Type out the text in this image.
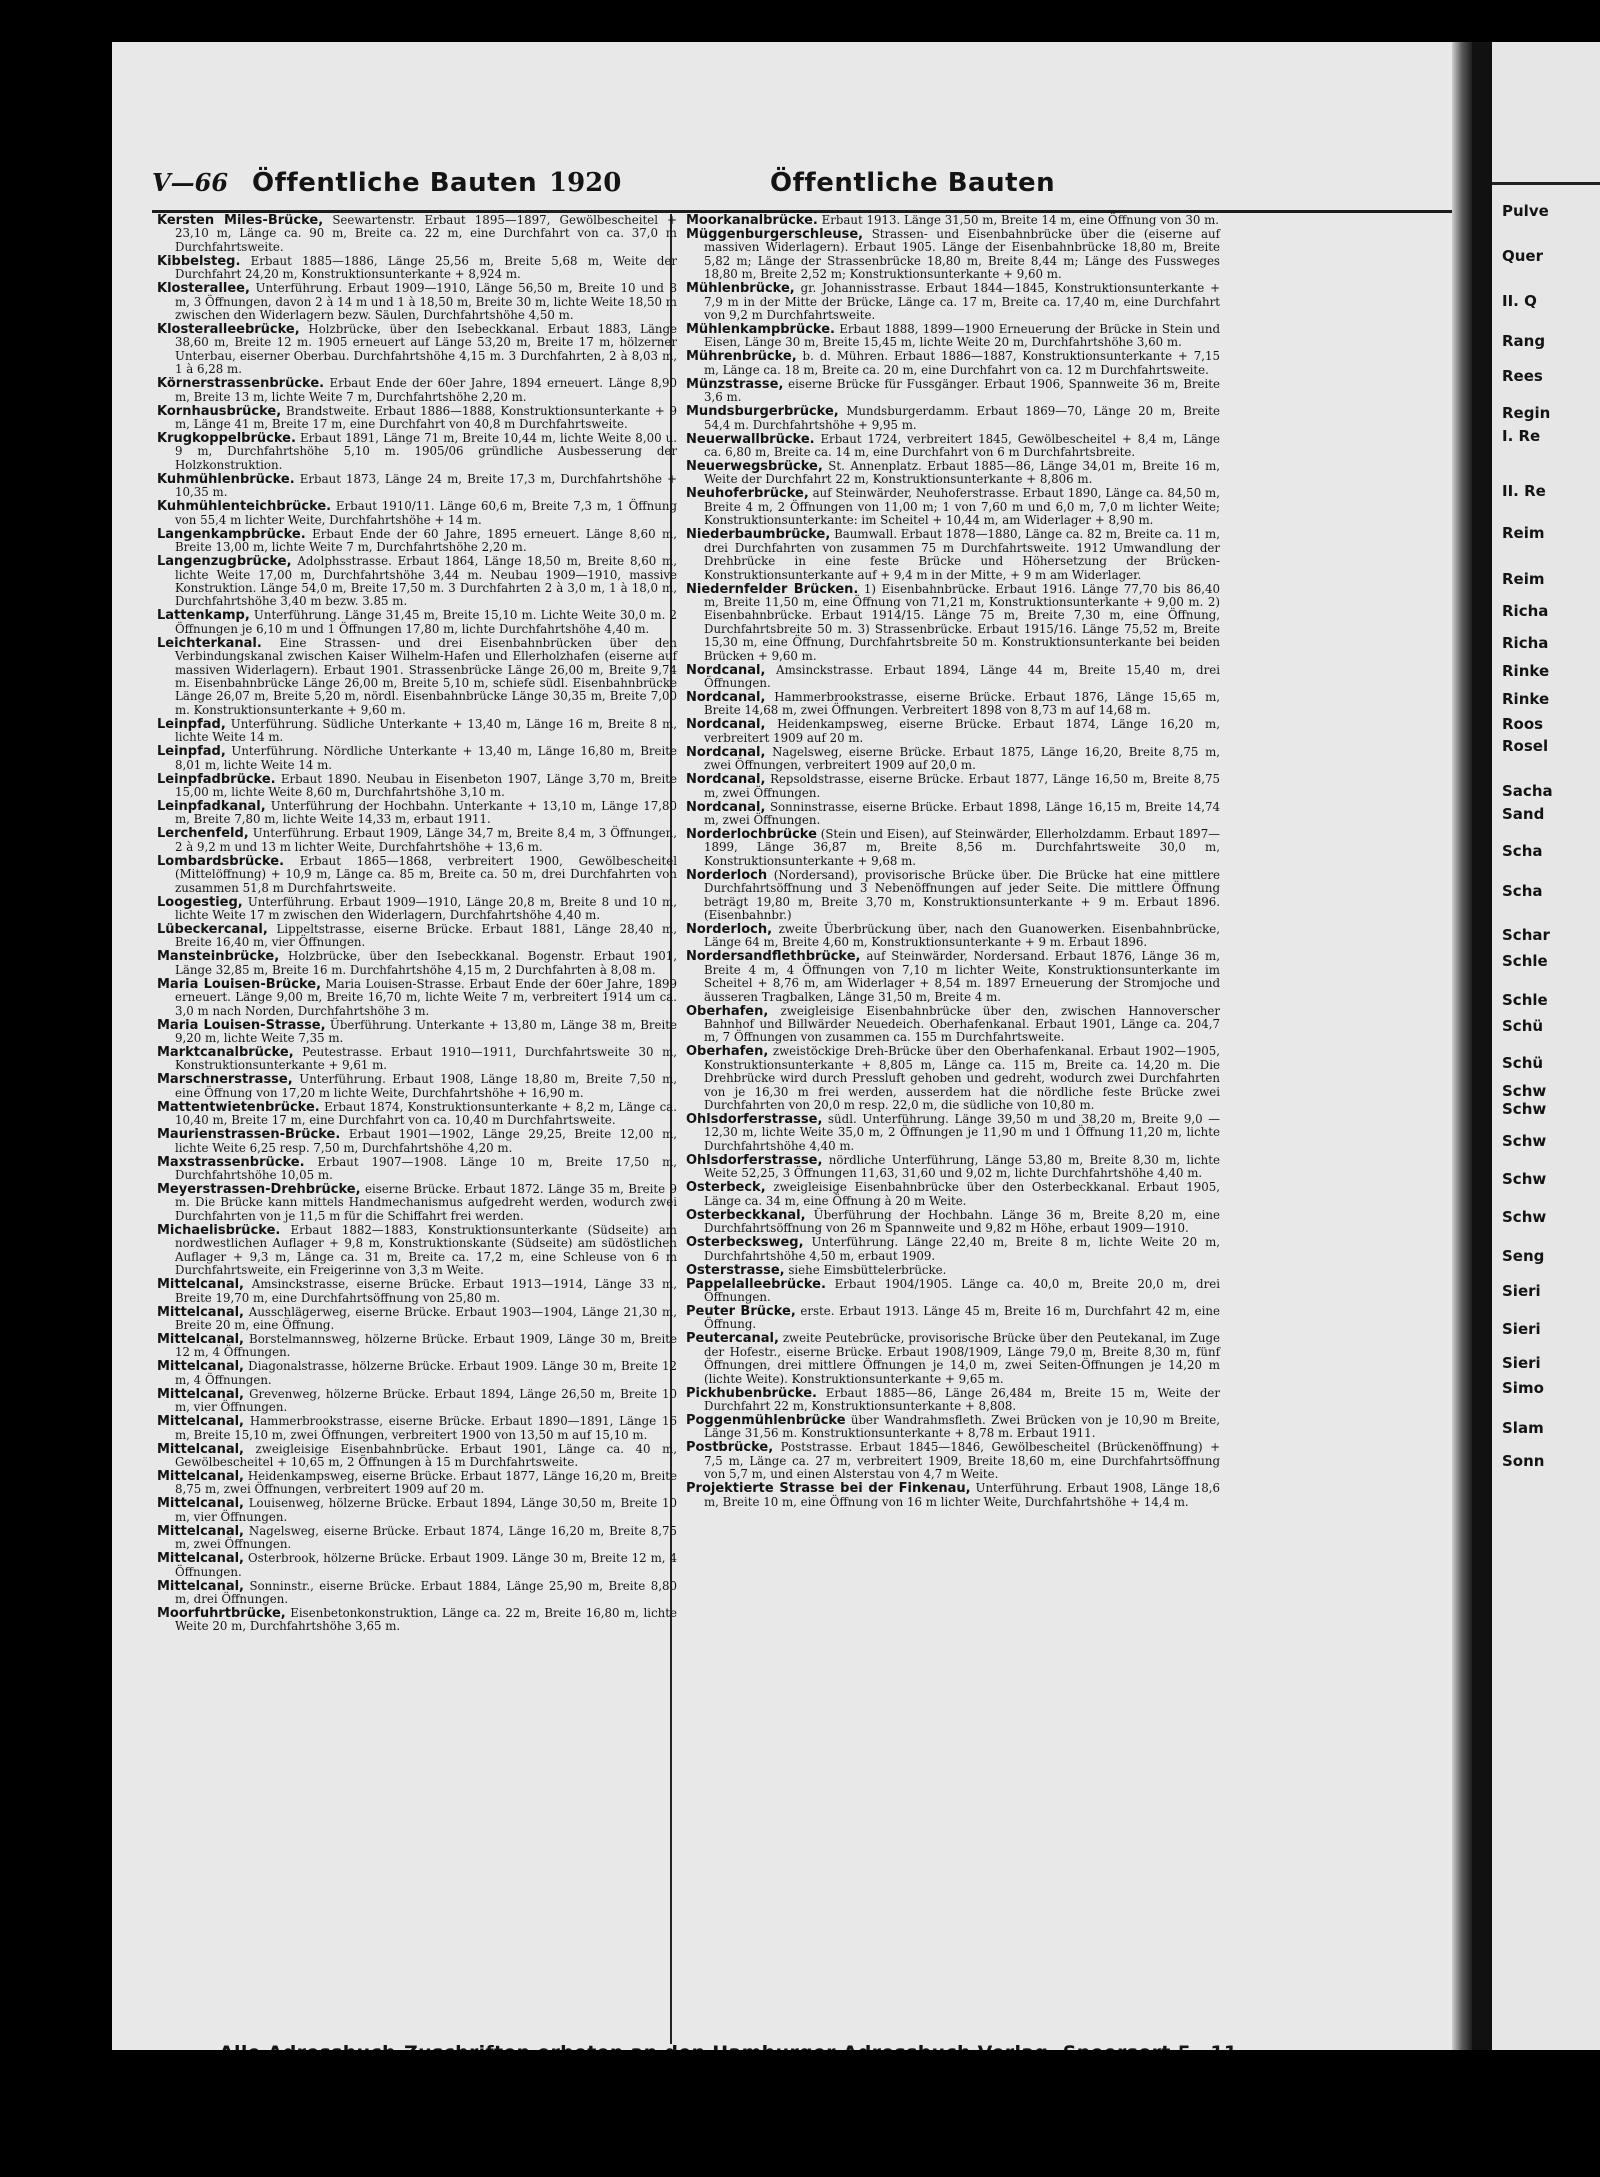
V—66 Öffentliche Bauten 1920	Öffentliche Bauten
Kersten Miles-Brücke, Seewartenstr. Erbaut 1895—1897, Gewölbescheitel + 23,10 m, Länge ca. 90 m, Breite ca. 22 m, eine Durchfahrt von ca. 37,0 m Durchfahrtsweite.
Kibbelsteg. Erbaut 1885—1886, Länge 25,56 m, Breite 5,68 m, Weite der Durchfahrt 24,20 m, Konstruktionsunterkante + 8,924 m.
Klosterallee, Unterführung. Erbaut 1909—1910, Länge 56,50 m, Breite 10 und 8 m, 3 Öffnungen, davon 2 à 14 m und 1 à 18,50 m, Breite 30 m, lichte Weite 18,50 m zwischen den Widerlagern bezw. Säulen, Durchfahrtshöhe 4,50 m.
Klosteralleebrücke, Holzbrücke, über den Isebeckkanal. Erbaut 1883, Länge 38,60 m, Breite 12 m. 1905 erneuert auf Länge 53,20 m, Breite 17 m, hölzerner Unterbau, eiserner Oberbau. Durchfahrtshöhe 4,15 m. 3 Durchfahrten, 2 à 8,03 m, 1 à 6,28 m.
Körnerstrassenbrücke. Erbaut Ende der 60er Jahre, 1894 erneuert. Länge 8,90 m, Breite 13 m, lichte Weite 7 m, Durchfahrtshöhe 2,20 m.
Kornhausbrücke, Brandstweite. Erbaut 1886—1888, Konstruktionsunterkante + 9 m, Länge 41 m, Breite 17 m, eine Durchfahrt von 40,8 m Durchfahrtsweite.
Krugkoppelbrücke. Erbaut 1891, Länge 71 m, Breite 10,44 m, lichte Weite 8,00 u. 9 m, Durchfahrtshöhe 5,10 m. 1905/06 gründliche Ausbesserung der Holzkonstruktion.
Kuhmühlenbrücke. Erbaut 1873, Länge 24 m, Breite 17,3 m, Durchfahrtshöhe + 10,35 m.
Kuhmühlenteichbrücke. Erbaut 1910/11. Länge 60,6 m, Breite 7,3 m, 1 Öffnung von 55,4 m lichter Weite, Durchfahrtshöhe + 14 m.
Langenkampbrücke. Erbaut Ende der 60 Jahre, 1895 erneuert. Länge 8,60 m, Breite 13,00 m, lichte Weite 7 m, Durchfahrtshöhe 2,20 m.
Langenzugbrücke, Adolphsstrasse. Erbaut 1864, Länge 18,50 m, Breite 8,60 m, lichte Weite 17,00 m, Durchfahrtshöhe 3,44 m. Neubau 1909—1910, massive Konstruktion. Länge 54,0 m, Breite 17,50 m. 3 Durchfahrten 2 à 3,0 m, 1 à 18,0 m, Durchfahrtshöhe 3,40 m bezw. 3.85 m.
Lattenkamp, Unterführung. Länge 31,45 m, Breite 15,10 m. Lichte Weite 30,0 m. 2 Öffnungen je 6,10 m und 1 Öffnungen 17,80 m, lichte Durchfahrtshöhe 4,40 m.
Leichterkanal. Eine Strassen- und drei Eisenbahnbrücken über den Verbindungskanal zwischen Kaiser Wilhelm-Hafen und Ellerholzhafen (eiserne auf massiven Widerlagern). Erbaut 1901. Strassenbrücke Länge 26,00 m, Breite 9,74 m. Eisenbahnbrücke Länge 26,00 m, Breite 5,10 m, schiefe südl. Eisenbahnbrücke Länge 26,07 m, Breite 5,20 m, nördl. Eisenbahnbrücke Länge 30,35 m, Breite 7,00 m. Konstruktionsunterkante + 9,60 m.
Leinpfad, Unterführung. Südliche Unterkante + 13,40 m, Länge 16 m, Breite 8 m, lichte Weite 14 m.
Leinpfad, Unterführung. Nördliche Unterkante + 13,40 m, Länge 16,80 m, Breite 8,01 m, lichte Weite 14 m.
Leinpfadbrücke. Erbaut 1890. Neubau in Eisenbeton 1907, Länge 3,70 m, Breite 15,00 m, lichte Weite 8,60 m, Durchfahrtshöhe 3,10 m.
Leinpfadkanal, Unterführung der Hochbahn. Unterkante + 13,10 m, Länge 17,80 m, Breite 7,80 m, lichte Weite 14,33 m, erbaut 1911.
Lerchenfeld, Unterführung. Erbaut 1909, Länge 34,7 m, Breite 8,4 m, 3 Öffnungen, 2 à 9,2 m und 13 m lichter Weite, Durchfahrtshöhe + 13,6 m.
Lombardsbrücke. Erbaut 1865—1868, verbreitert 1900, Gewölbescheitel (Mittelöffnung) + 10,9 m, Länge ca. 85 m, Breite ca. 50 m, drei Durchfahrten von zusammen 51,8 m Durchfahrtsweite.
Loogestieg, Unterführung. Erbaut 1909—1910, Länge 20,8 m, Breite 8 und 10 m, lichte Weite 17 m zwischen den Widerlagern, Durchfahrtshöhe 4,40 m.
Lübeckercanal, Lippeltstrasse, eiserne Brücke. Erbaut 1881, Länge 28,40 m, Breite 16,40 m, vier Öffnungen.
Mansteinbrücke, Holzbrücke, über den Isebeckkanal. Bogenstr. Erbaut 1901, Länge 32,85 m, Breite 16 m. Durchfahrtshöhe 4,15 m, 2 Durchfahrten à 8,08 m.
Maria Louisen-Brücke, Maria Louisen-Strasse. Erbaut Ende der 60er Jahre, 1899 erneuert. Länge 9,00 m, Breite 16,70 m, lichte Weite 7 m, verbreitert 1914 um ca. 3,0 m nach Norden, Durchfahrtshöhe 3 m.
Maria Louisen-Strasse, Überführung. Unterkante + 13,80 m, Länge 38 m, Breite 9,20 m, lichte Weite 7,35 m.
Marktcanalbrücke, Peutestrasse. Erbaut 1910—1911, Durchfahrtsweite 30 m, Konstruktionsunterkante + 9,61 m.
Marschnerstrasse, Unterführung. Erbaut 1908, Länge 18,80 m, Breite 7,50 m, eine Öffnung von 17,20 m lichte Weite, Durchfahrtshöhe + 16,90 m.
Mattentwietenbrücke. Erbaut 1874, Konstruktionsunterkante + 8,2 m, Länge ca. 10,40 m, Breite 17 m, eine Durchfahrt von ca. 10,40 m Durchfahrtsweite.
Maurienstrassen-Brücke. Erbaut 1901—1902, Länge 29,25, Breite 12,00 m, lichte Weite 6,25 resp. 7,50 m, Durchfahrtshöhe 4,20 m.
Maxstrassenbrücke. Erbaut 1907—1908. Länge 10 m, Breite 17,50 m, Durchfahrtshöhe 10,05 m.
Meyerstrassen-Drehbrücke, eiserne Brücke. Erbaut 1872. Länge 35 m, Breite 9 m. Die Brücke kann mittels Handmechanismus aufgedreht werden, wodurch zwei Durchfahrten von je 11,5 m für die Schiffahrt frei werden.
Michaelisbrücke. Erbaut 1882—1883, Konstruktionsunterkante (Südseite) am nordwestlichen Auflager + 9,8 m, Konstruktionskante (Südseite) am südöstlichen Auflager + 9,3 m, Länge ca. 31 m, Breite ca. 17,2 m, eine Schleuse von 6 m Durchfahrtsweite, ein Freigerinne von 3,3 m Weite.
Mittelcanal, Amsinckstrasse, eiserne Brücke. Erbaut 1913—1914, Länge 33 m, Breite 19,70 m, eine Durchfahrtsöffnung von 25,80 m.
Mittelcanal, Ausschlägerweg, eiserne Brücke. Erbaut 1903—1904, Länge 21,30 m, Breite 20 m, eine Öffnung.
Mittelcanal, Borstelmannsweg, hölzerne Brücke. Erbaut 1909, Länge 30 m, Breite 12 m, 4 Öffnungen.
Mittelcanal, Diagonalstrasse, hölzerne Brücke. Erbaut 1909. Länge 30 m, Breite 12 m, 4 Öffnungen.
Mittelcanal, Grevenweg, hölzerne Brücke. Erbaut 1894, Länge 26,50 m, Breite 10 m, vier Öffnungen.
Mittelcanal, Hammerbrookstrasse, eiserne Brücke. Erbaut 1890—1891, Länge 16 m, Breite 15,10 m, zwei Öffnungen, verbreitert 1900 von 13,50 m auf 15,10 m.
Mittelcanal, zweigleisige Eisenbahnbrücke. Erbaut 1901, Länge ca. 40 m, Gewölbescheitel + 10,65 m, 2 Öffnungen à 15 m Durchfahrtsweite.
Mittelcanal, Heidenkampsweg, eiserne Brücke. Erbaut 1877, Länge 16,20 m, Breite 8,75 m, zwei Öffnungen, verbreitert 1909 auf 20 m.
Mittelcanal, Louisenweg, hölzerne Brücke. Erbaut 1894, Länge 30,50 m, Breite 10 m, vier Öffnungen.
Mittelcanal, Nagelsweg, eiserne Brücke. Erbaut 1874, Länge 16,20 m, Breite 8,75 m, zwei Öffnungen.
Mittelcanal, Osterbrook, hölzerne Brücke. Erbaut 1909. Länge 30 m, Breite 12 m, 4 Öffnungen.
Mittelcanal, Sonninstr., eiserne Brücke. Erbaut 1884, Länge 25,90 m, Breite 8,80 m, drei Öffnungen.
Moorfuhrtbrücke, Eisenbetonkonstruktion, Länge ca. 22 m, Breite 16,80 m, lichte Weite 20 m, Durchfahrtshöhe 3,65 m.
Moorkanalbrücke. Erbaut 1913. Länge 31,50 m, Breite 14 m, eine Öffnung von 30 m.
Müggenburgerschleuse, Strassen- und Eisenbahnbrücke über die (eiserne auf massiven Widerlagern). Erbaut 1905. Länge der Eisenbahnbrücke 18,80 m, Breite 5,82 m; Länge der Strassenbrücke 18,80 m, Breite 8,44 m; Länge des Fussweges 18,80 m, Breite 2,52 m; Konstruktionsunterkante + 9,60 m.
Mühlenbrücke, gr. Johannisstrasse. Erbaut 1844—1845, Konstruktionsunterkante + 7,9 m in der Mitte der Brücke, Länge ca. 17 m, Breite ca. 17,40 m, eine Durchfahrt von 9,2 m Durchfahrtsweite.
Mühlenkampbrücke. Erbaut 1888, 1899—1900 Erneuerung der Brücke in Stein und Eisen, Länge 30 m, Breite 15,45 m, lichte Weite 20 m, Durchfahrtshöhe 3,60 m.
Mührenbrücke, b. d. Mühren. Erbaut 1886—1887, Konstruktionsunterkante + 7,15 m, Länge ca. 18 m, Breite ca. 20 m, eine Durchfahrt von ca. 12 m Durchfahrtsweite.
Münzstrasse, eiserne Brücke für Fussgänger. Erbaut 1906, Spannweite 36 m, Breite 3,6 m.
Mundsburgerbrücke, Mundsburgerdamm. Erbaut 1869—70, Länge 20 m, Breite 54,4 m. Durchfahrtshöhe + 9,95 m.
Neuerwallbrücke. Erbaut 1724, verbreitert 1845, Gewölbescheitel + 8,4 m, Länge ca. 6,80 m, Breite ca. 14 m, eine Durchfahrt von 6 m Durchfahrtsbreite.
Neuerwegsbrücke, St. Annenplatz. Erbaut 1885—86, Länge 34,01 m, Breite 16 m, Weite der Durchfahrt 22 m, Konstruktionsunterkante + 8,806 m.
Neuhoferbrücke, auf Steinwärder, Neuhoferstrasse. Erbaut 1890, Länge ca. 84,50 m, Breite 4 m, 2 Öffnungen von 11,00 m; 1 von 7,60 m und 6,0 m, 7,0 m lichter Weite; Konstruktionsunterkante: im Scheitel + 10,44 m, am Widerlager + 8,90 m.
Niederbaumbrücke, Baumwall. Erbaut 1878—1880, Länge ca. 82 m, Breite ca. 11 m, drei Durchfahrten von zusammen 75 m Durchfahrtsweite. 1912 Umwandlung der Drehbrücke in eine feste Brücke und Höhersetzung der Brücken-Konstruktionsunterkante auf + 9,4 m in der Mitte, + 9 m am Widerlager.
Niedernfelder Brücken. 1) Eisenbahnbrücke. Erbaut 1916. Länge 77,70 bis 86,40 m, Breite 11,50 m, eine Öffnung von 71,21 m, Konstruktionsunterkante + 9,00 m. 2) Eisenbahnbrücke. Erbaut 1914/15. Länge 75 m, Breite 7,30 m, eine Öffnung, Durchfahrtsbreite 50 m. 3) Strassenbrücke. Erbaut 1915/16. Länge 75,52 m, Breite 15,30 m, eine Öffnung, Durchfahrtsbreite 50 m. Konstruktionsunterkante bei beiden Brücken + 9,60 m.
Nordcanal, Amsinckstrasse. Erbaut 1894, Länge 44 m, Breite 15,40 m, drei Öffnungen.
Nordcanal, Hammerbrookstrasse, eiserne Brücke. Erbaut 1876, Länge 15,65 m, Breite 14,68 m, zwei Öffnungen. Verbreitert 1898 von 8,73 m auf 14,68 m.
Nordcanal, Heidenkampsweg, eiserne Brücke. Erbaut 1874, Länge 16,20 m, verbreitert 1909 auf 20 m.
Nordcanal, Nagelsweg, eiserne Brücke. Erbaut 1875, Länge 16,20, Breite 8,75 m, zwei Öffnungen, verbreitert 1909 auf 20,0 m.
Nordcanal, Repsoldstrasse, eiserne Brücke. Erbaut 1877, Länge 16,50 m, Breite 8,75 m, zwei Öffnungen.
Nordcanal, Sonninstrasse, eiserne Brücke. Erbaut 1898, Länge 16,15 m, Breite 14,74 m, zwei Öffnungen.
Norderlochbrücke (Stein und Eisen), auf Steinwärder, Ellerholzdamm. Erbaut 1897—1899, Länge 36,87 m, Breite 8,56 m. Durchfahrtsweite 30,0 m, Konstruktionsunterkante + 9,68 m.
Norderloch (Nordersand), provisorische Brücke über. Die Brücke hat eine mittlere Durchfahrtsöffnung und 3 Nebenöffnungen auf jeder Seite. Die mittlere Öffnung beträgt 19,80 m, Breite 3,70 m, Konstruktionsunterkante + 9 m. Erbaut 1896. (Eisenbahnbr.)
Norderloch, zweite Überbrückung über, nach den Guanowerken. Eisenbahnbrücke, Länge 64 m, Breite 4,60 m, Konstruktionsunterkante + 9 m. Erbaut 1896.
Nordersandflethbrücke, auf Steinwärder, Nordersand. Erbaut 1876, Länge 36 m, Breite 4 m, 4 Öffnungen von 7,10 m lichter Weite, Konstruktionsunterkante im Scheitel + 8,76 m, am Widerlager + 8,54 m. 1897 Erneuerung der Stromjoche und äusseren Tragbalken, Länge 31,50 m, Breite 4 m.
Oberhafen, zweigleisige Eisenbahnbrücke über den, zwischen Hannoverscher Bahnhof und Billwärder Neuedeich. Oberhafenkanal. Erbaut 1901, Länge ca. 204,7 m, 7 Öffnungen von zusammen ca. 155 m Durchfahrtsweite.
Oberhafen, zweistöckige Dreh-Brücke über den Oberhafenkanal. Erbaut 1902—1905, Konstruktionsunterkante + 8,805 m, Länge ca. 115 m, Breite ca. 14,20 m. Die Drehbrücke wird durch Pressluft gehoben und gedreht, wodurch zwei Durchfahrten von je 16,30 m frei werden, ausserdem hat die nördliche feste Brücke zwei Durchfahrten von 20,0 m resp. 22,0 m, die südliche von 10,80 m.
Ohlsdorferstrasse, südl. Unterführung. Länge 39,50 m und 38,20 m, Breite 9,0 — 12,30 m, lichte Weite 35,0 m, 2 Öffnungen je 11,90 m und 1 Öffnung 11,20 m, lichte Durchfahrtshöhe 4,40 m.
Ohlsdorferstrasse, nördliche Unterführung, Länge 53,80 m, Breite 8,30 m, lichte Weite 52,25, 3 Öffnungen 11,63, 31,60 und 9,02 m, lichte Durchfahrtshöhe 4,40 m.
Osterbeck, zweigleisige Eisenbahnbrücke über den Osterbeckkanal. Erbaut 1905, Länge ca. 34 m, eine Öffnung à 20 m Weite.
Osterbeckkanal, Überführung der Hochbahn. Länge 36 m, Breite 8,20 m, eine Durchfahrtsöffnung von 26 m Spannweite und 9,82 m Höhe, erbaut 1909—1910.
Osterbecksweg, Unterführung. Länge 22,40 m, Breite 8 m, lichte Weite 20 m, Durchfahrtshöhe 4,50 m, erbaut 1909.
Osterstrasse, siehe Eimsbüttelerbrücke.
Pappelalleebrücke. Erbaut 1904/1905. Länge ca. 40,0 m, Breite 20,0 m, drei Öffnungen.
Peuter Brücke, erste. Erbaut 1913. Länge 45 m, Breite 16 m, Durchfahrt 42 m, eine Öffnung.
Peutercanal, zweite Peutebrücke, provisorische Brücke über den Peutekanal, im Zuge der Hofestr., eiserne Brücke. Erbaut 1908/1909, Länge 79,0 m, Breite 8,30 m, fünf Öffnungen, drei mittlere Öffnungen je 14,0 m, zwei Seiten-Öffnungen je 14,20 m (lichte Weite). Konstruktionsunterkante + 9,65 m.
Pickhubenbrücke. Erbaut 1885—86, Länge 26,484 m, Breite 15 m, Weite der Durchfahrt 22 m, Konstruktionsunterkante + 8,808.
Poggenmühlenbrücke über Wandrahmsfleth. Zwei Brücken von je 10,90 m Breite, Länge 31,56 m. Konstruktionsunterkante + 8,78 m. Erbaut 1911.
Postbrücke, Poststrasse. Erbaut 1845—1846, Gewölbescheitel (Brückenöffnung) + 7,5 m, Länge ca. 27 m, verbreitert 1909, Breite 18,60 m, eine Durchfahrtsöffnung von 5,7 m, und einen Alsterstau von 4,7 m Weite.
Projektierte Strasse bei der Finkenau, Unterführung. Erbaut 1908, Länge 18,6 m, Breite 10 m, eine Öffnung von 16 m lichter Weite, Durchfahrtshöhe + 14,4 m.
Pulve
Quer
II. Q
Rang
Rees
Regin
I. Re
II. Re
Reim
Reim
Richa
Richa
Rinke
Rinke
Roos
Rosel
Sacha
Sand
Scha
Scha
Schar
Schle
Schle
Schü
Schü
Schw
Schw
Schw
Schw
Schw
Seng
Sieri
Sieri
Sieri
Simo
Slam
Sonn
